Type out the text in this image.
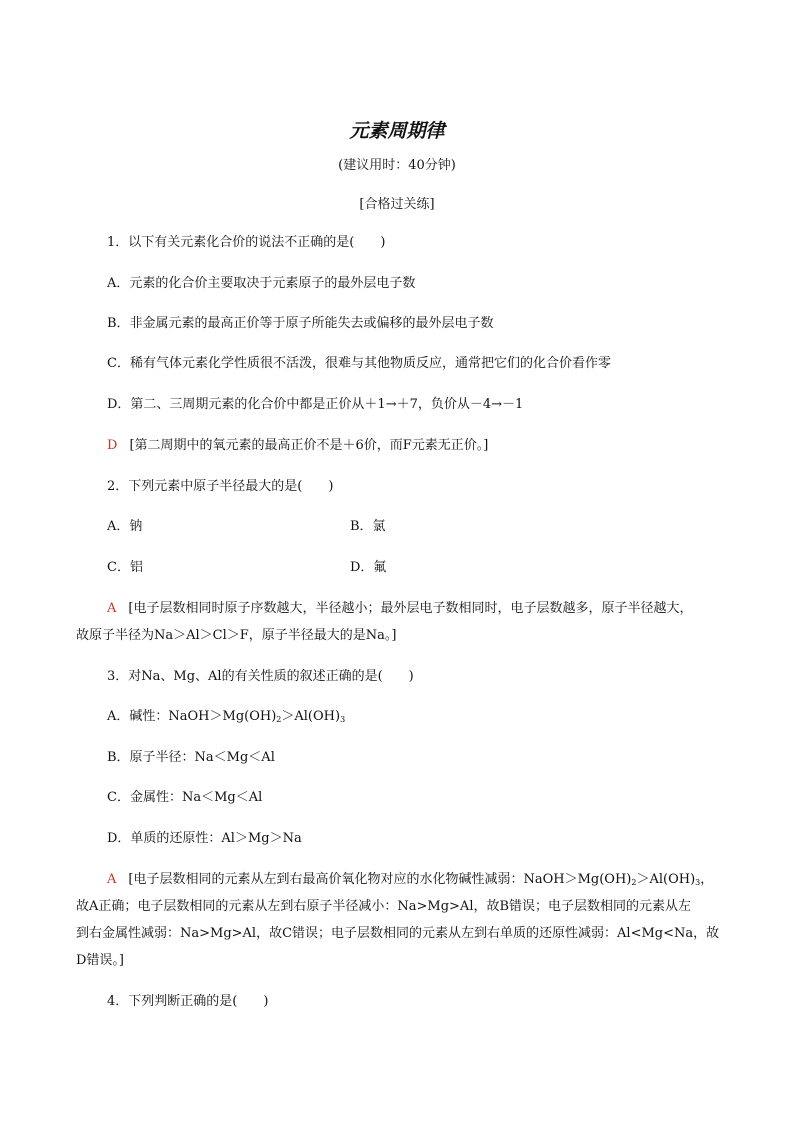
元素周期律
(建议用时：40分钟)
[合格过关练]
1．以下有关元素化合价的说法不正确的是(　　)
A．元素的化合价主要取决于元素原子的最外层电子数
B．非金属元素的最高正价等于原子所能失去或偏移的最外层电子数
C．稀有气体元素化学性质很不活泼，很难与其他物质反应，通常把它们的化合价看作零
D．第二、三周期元素的化合价中都是正价从＋1→＋7，负价从－4→－1
D [第二周期中的氧元素的最高正价不是＋6价，而F元素无正价。]
2．下列元素中原子半径最大的是(　　)
A．钠	B．氯
C．铝	D．氟
A [电子层数相同时原子序数越大，半径越小；最外层电子数相同时，电子层数越多，原子半径越大，
故原子半径为Na＞Al＞Cl＞F，原子半径最大的是Na。]
3．对Na、Mg、Al的有关性质的叙述正确的是(　　)
A．碱性：$NaOH>Mg(OH)_2>Al(OH)_3$
B．原子半径：Na＜Mg＜Al
C．金属性：Na＜Mg＜Al
D．单质的还原性：Al＞Mg＞Na
A [电子层数相同的元素从左到右最高价氧化物对应的水化物碱性减弱：$NaOH>Mg(OH)_2>Al(OH)_3$，
故A正确；电子层数相同的元素从左到右原子半径减小：Na>Mg>Al，故B错误；电子层数相同的元素从左
到右金属性减弱：Na>Mg>Al，故C错误；电子层数相同的元素从左到右单质的还原性减弱：Al<Mg<Na，故
D错误。]
4．下列判断正确的是(　　)
